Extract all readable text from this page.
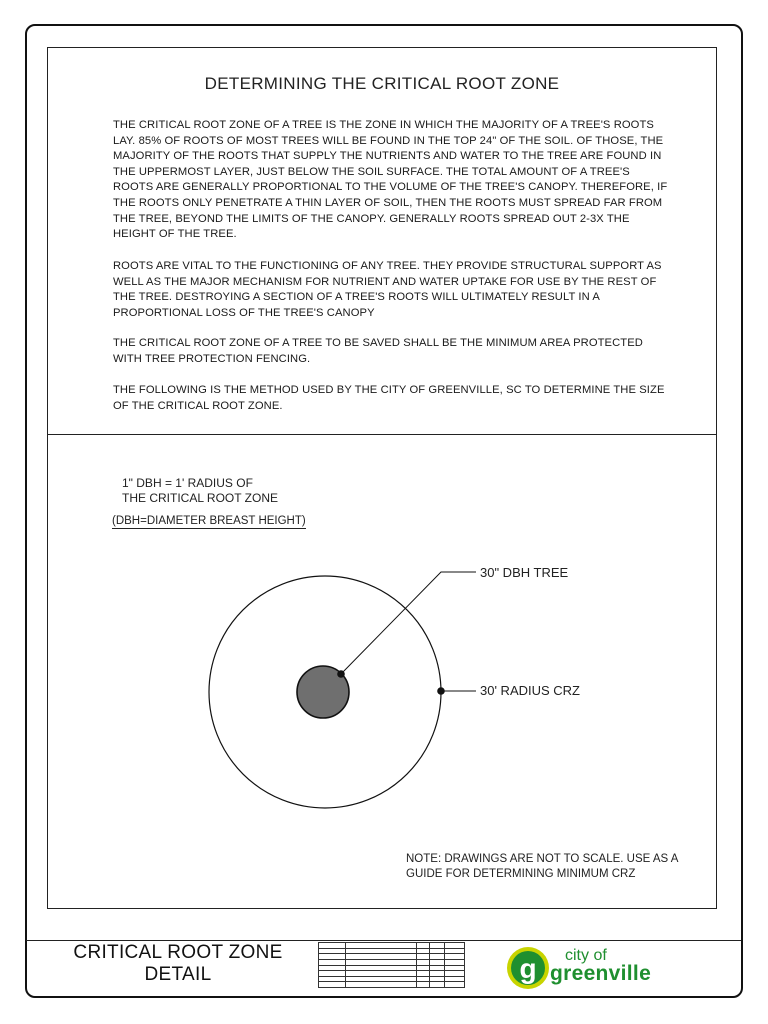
DETERMINING THE CRITICAL ROOT ZONE

THE CRITICAL ROOT ZONE OF A TREE IS THE ZONE IN WHICH THE MAJORITY OF A TREE'S ROOTS LAY. 85% OF ROOTS OF MOST TREES WILL BE FOUND IN THE TOP 24" OF THE SOIL. OF THOSE, THE MAJORITY OF THE ROOTS THAT SUPPLY THE NUTRIENTS AND WATER TO THE TREE ARE FOUND IN THE UPPERMOST LAYER, JUST BELOW THE SOIL SURFACE. THE TOTAL AMOUNT OF A TREE'S ROOTS ARE GENERALLY PROPORTIONAL TO THE VOLUME OF THE TREE'S CANOPY. THEREFORE, IF THE ROOTS ONLY PENETRATE A THIN LAYER OF SOIL, THEN THE ROOTS MUST SPREAD FAR FROM THE TREE, BEYOND THE LIMITS OF THE CANOPY. GENERALLY ROOTS SPREAD OUT 2-3X THE HEIGHT OF THE TREE.

ROOTS ARE VITAL TO THE FUNCTIONING OF ANY TREE. THEY PROVIDE STRUCTURAL SUPPORT AS WELL AS THE MAJOR MECHANISM FOR NUTRIENT AND WATER UPTAKE FOR USE BY THE REST OF THE TREE. DESTROYING A SECTION OF A TREE'S ROOTS WILL ULTIMATELY RESULT IN A PROPORTIONAL LOSS OF THE TREE'S CANOPY

THE CRITICAL ROOT ZONE OF A TREE TO BE SAVED SHALL BE THE MINIMUM AREA PROTECTED WITH TREE PROTECTION FENCING.

THE FOLLOWING IS THE METHOD USED BY THE CITY OF GREENVILLE, SC TO DETERMINE THE SIZE OF THE CRITICAL ROOT ZONE.

1" DBH = 1' RADIUS OF
THE CRITICAL ROOT ZONE
(DBH=DIAMETER BREAST HEIGHT)
30" DBH TREE
30' RADIUS CRZ
NOTE: DRAWINGS ARE NOT TO SCALE. USE AS A GUIDE FOR DETERMINING MINIMUM CRZ
CRITICAL ROOT ZONE
DETAIL

					g city of
greenville
